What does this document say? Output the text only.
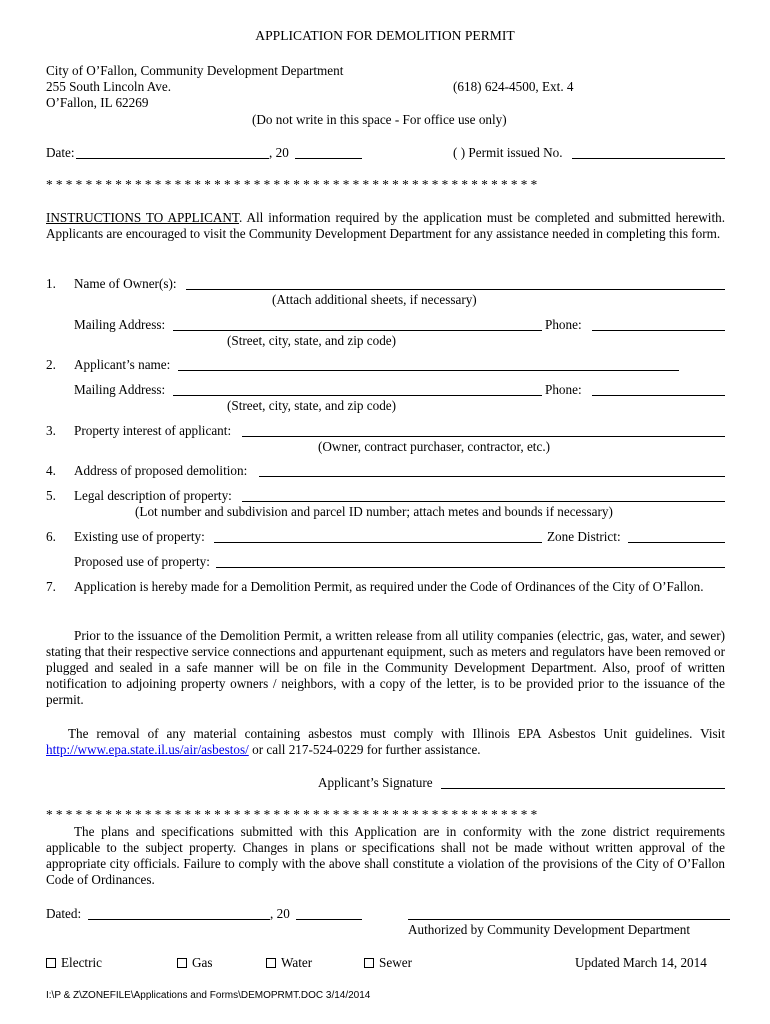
APPLICATION FOR DEMOLITION PERMIT
City of O’Fallon, Community Development Department
255 South Lincoln Ave.	(618) 624-4500, Ext. 4
O’Fallon, IL 62269
(Do not write in this space - For office use only)
Date:	, 20	( ) Permit issued No.
* * * * * * * * * * * * * * * * * * * * * * * * * * * * * * * * * * * * * * * * * * * * * * * * * *
INSTRUCTIONS TO APPLICANT. All information required by the application must be completed and submitted herewith. Applicants are encouraged to visit the Community Development Department for any assistance needed in completing this form.
1. Name of Owner(s):
(Attach additional sheets, if necessary)
Mailing Address:	Phone:
(Street, city, state, and zip code)
2. Applicant’s name:
Mailing Address:	Phone:
(Street, city, state, and zip code)
3. Property interest of applicant:
(Owner, contract purchaser, contractor, etc.)
4. Address of proposed demolition:
5. Legal description of property:
(Lot number and subdivision and parcel ID number; attach metes and bounds if necessary)
6. Existing use of property:	Zone District:
Proposed use of property:
7. Application is hereby made for a Demolition Permit, as required under the Code of Ordinances of the City of O’Fallon.
Prior to the issuance of the Demolition Permit, a written release from all utility companies (electric, gas, water, and sewer) stating that their respective service connections and appurtenant equipment, such as meters and regulators have been removed or plugged and sealed in a safe manner will be on file in the Community Development Department. Also, proof of written notification to adjoining property owners / neighbors, with a copy of the letter, is to be provided prior to the issuance of the permit.
The removal of any material containing asbestos must comply with Illinois EPA Asbestos Unit guidelines. Visit http://www.epa.state.il.us/air/asbestos/ or call 217-524-0229 for further assistance.
Applicant’s Signature
* * * * * * * * * * * * * * * * * * * * * * * * * * * * * * * * * * * * * * * * * * * * * * * * * *
The plans and specifications submitted with this Application are in conformity with the zone district requirements applicable to the subject property. Changes in plans or specifications shall not be made without written approval of the appropriate city officials. Failure to comply with the above shall constitute a violation of the provisions of the City of O’Fallon Code of Ordinances.
Dated:	, 20
Authorized by Community Development Department
Electric	Gas	Water	Sewer	Updated March 14, 2014
I:\P & Z\ZONEFILE\Applications and Forms\DEMOPRMT.DOC 3/14/2014
